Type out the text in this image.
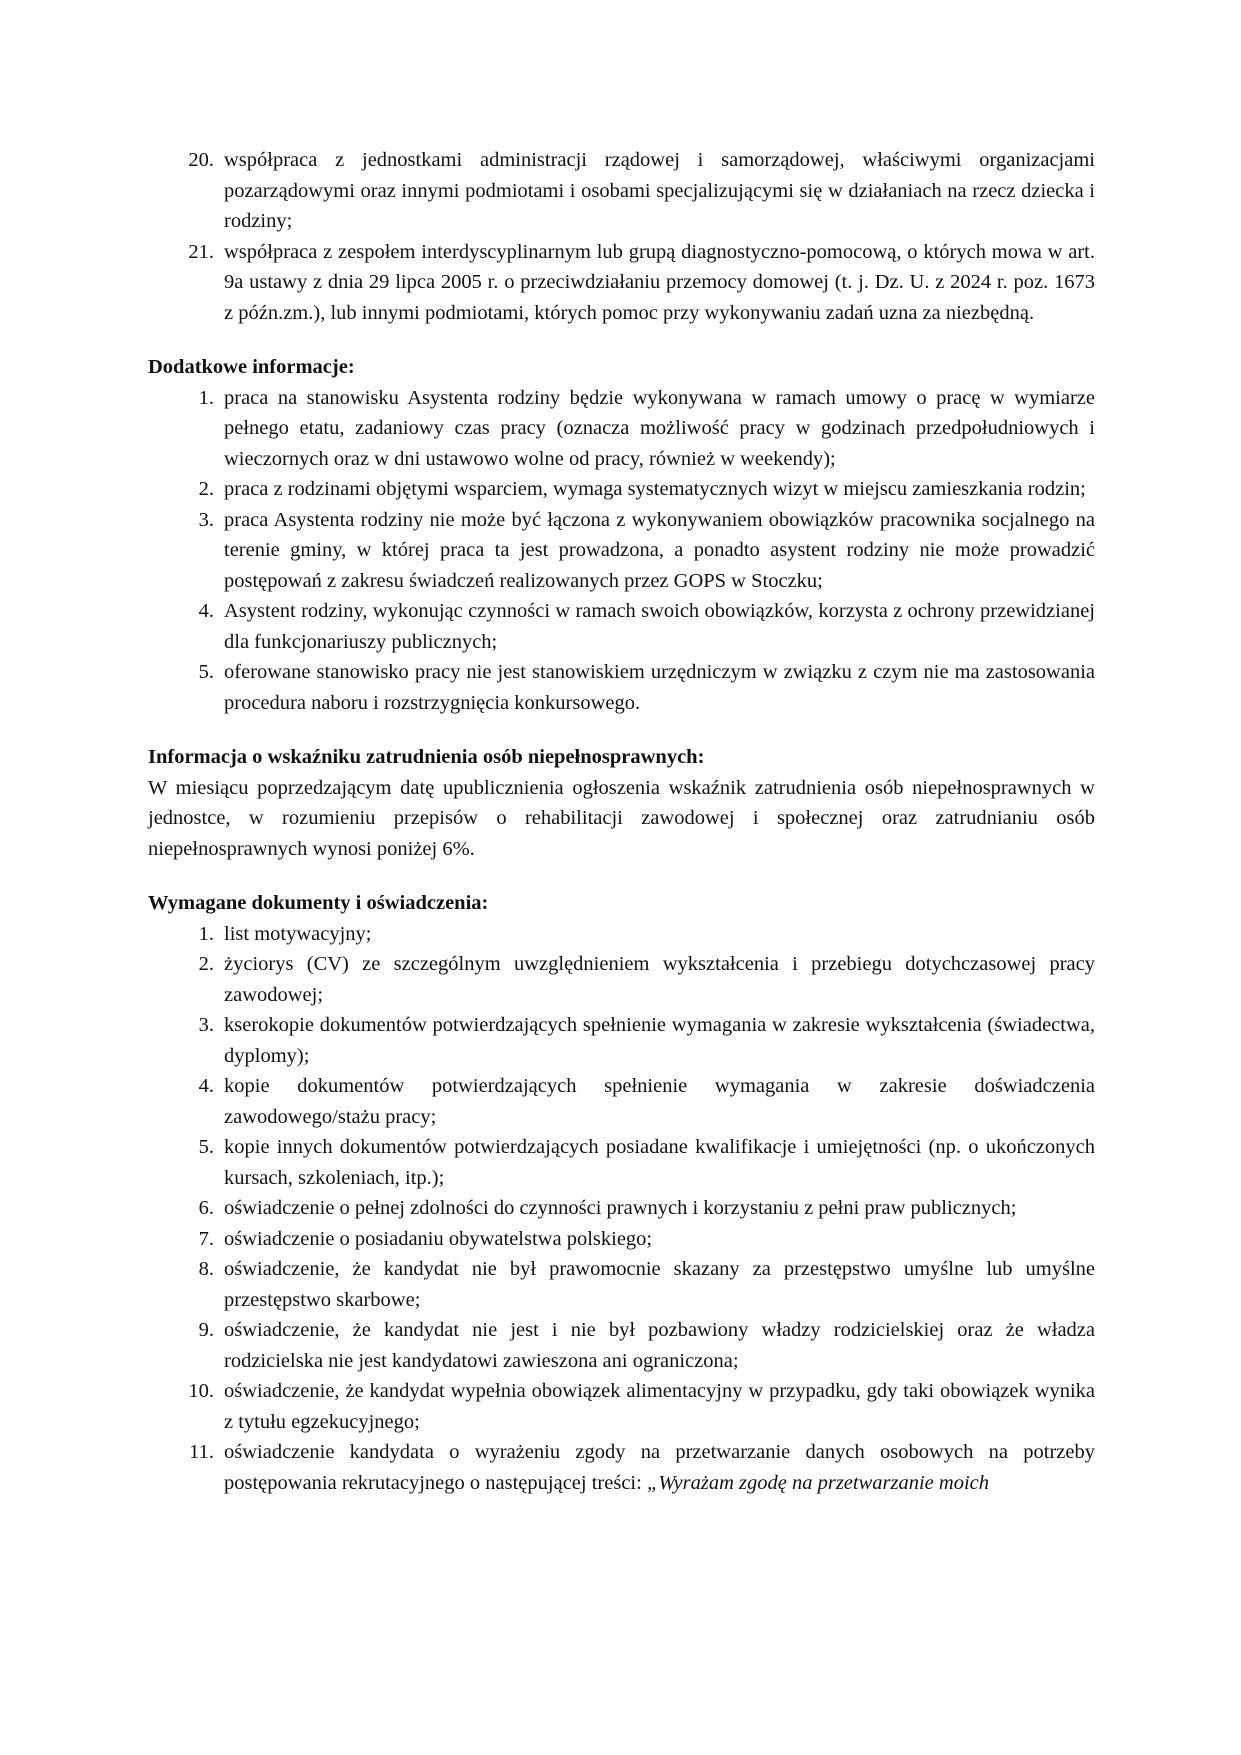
20. współpraca z jednostkami administracji rządowej i samorządowej, właściwymi organizacjami pozarządowymi oraz innymi podmiotami i osobami specjalizującymi się w działaniach na rzecz dziecka i rodziny;
21. współpraca z zespołem interdyscyplinarnym lub grupą diagnostyczno-pomocową, o których mowa w art. 9a ustawy z dnia 29 lipca 2005 r. o przeciwdziałaniu przemocy domowej (t. j. Dz. U. z 2024 r. poz. 1673 z późn.zm.), lub innymi podmiotami, których pomoc przy wykonywaniu zadań uzna za niezbędną.
Dodatkowe informacje:
1. praca na stanowisku Asystenta rodziny będzie wykonywana w ramach umowy o pracę w wymiarze pełnego etatu, zadaniowy czas pracy (oznacza możliwość pracy w godzinach przedpołudniowych i wieczornych oraz w dni ustawowo wolne od pracy, również w weekendy);
2. praca z rodzinami objętymi wsparciem, wymaga systematycznych wizyt w miejscu zamieszkania rodzin;
3. praca Asystenta rodziny nie może być łączona z wykonywaniem obowiązków pracownika socjalnego na terenie gminy, w której praca ta jest prowadzona, a ponadto asystent rodziny nie może prowadzić postępowań z zakresu świadczeń realizowanych przez GOPS w Stoczku;
4. Asystent rodziny, wykonując czynności w ramach swoich obowiązków, korzysta z ochrony przewidzianej dla funkcjonariuszy publicznych;
5. oferowane stanowisko pracy nie jest stanowiskiem urzędniczym w związku z czym nie ma zastosowania procedura naboru i rozstrzygnięcia konkursowego.
Informacja o wskaźniku zatrudnienia osób niepełnosprawnych:
W miesiącu poprzedzającym datę upublicznienia ogłoszenia wskaźnik zatrudnienia osób niepełnosprawnych w jednostce, w rozumieniu przepisów o rehabilitacji zawodowej i społecznej oraz zatrudnianiu osób niepełnosprawnych wynosi poniżej 6%.
Wymagane dokumenty i oświadczenia:
1. list motywacyjny;
2. życiorys (CV) ze szczególnym uwzględnieniem wykształcenia i przebiegu dotychczasowej pracy zawodowej;
3. kserokopie dokumentów potwierdzających spełnienie wymagania w zakresie wykształcenia (świadectwa, dyplomy);
4. kopie dokumentów potwierdzających spełnienie wymagania w zakresie doświadczenia zawodowego/stażu pracy;
5. kopie innych dokumentów potwierdzających posiadane kwalifikacje i umiejętności (np. o ukończonych kursach, szkoleniach, itp.);
6. oświadczenie o pełnej zdolności do czynności prawnych i korzystaniu z pełni praw publicznych;
7. oświadczenie o posiadaniu obywatelstwa polskiego;
8. oświadczenie, że kandydat nie był prawomocnie skazany za przestępstwo umyślne lub umyślne przestępstwo skarbowe;
9. oświadczenie, że kandydat nie jest i nie był pozbawiony władzy rodzicielskiej oraz że władza rodzicielska nie jest kandydatowi zawieszona ani ograniczona;
10. oświadczenie, że kandydat wypełnia obowiązek alimentacyjny w przypadku, gdy taki obowiązek wynika z tytułu egzekucyjnego;
11. oświadczenie kandydata o wyrażeniu zgody na przetwarzanie danych osobowych na potrzeby postępowania rekrutacyjnego o następującej treści: „Wyrażam zgodę na przetwarzanie moich
